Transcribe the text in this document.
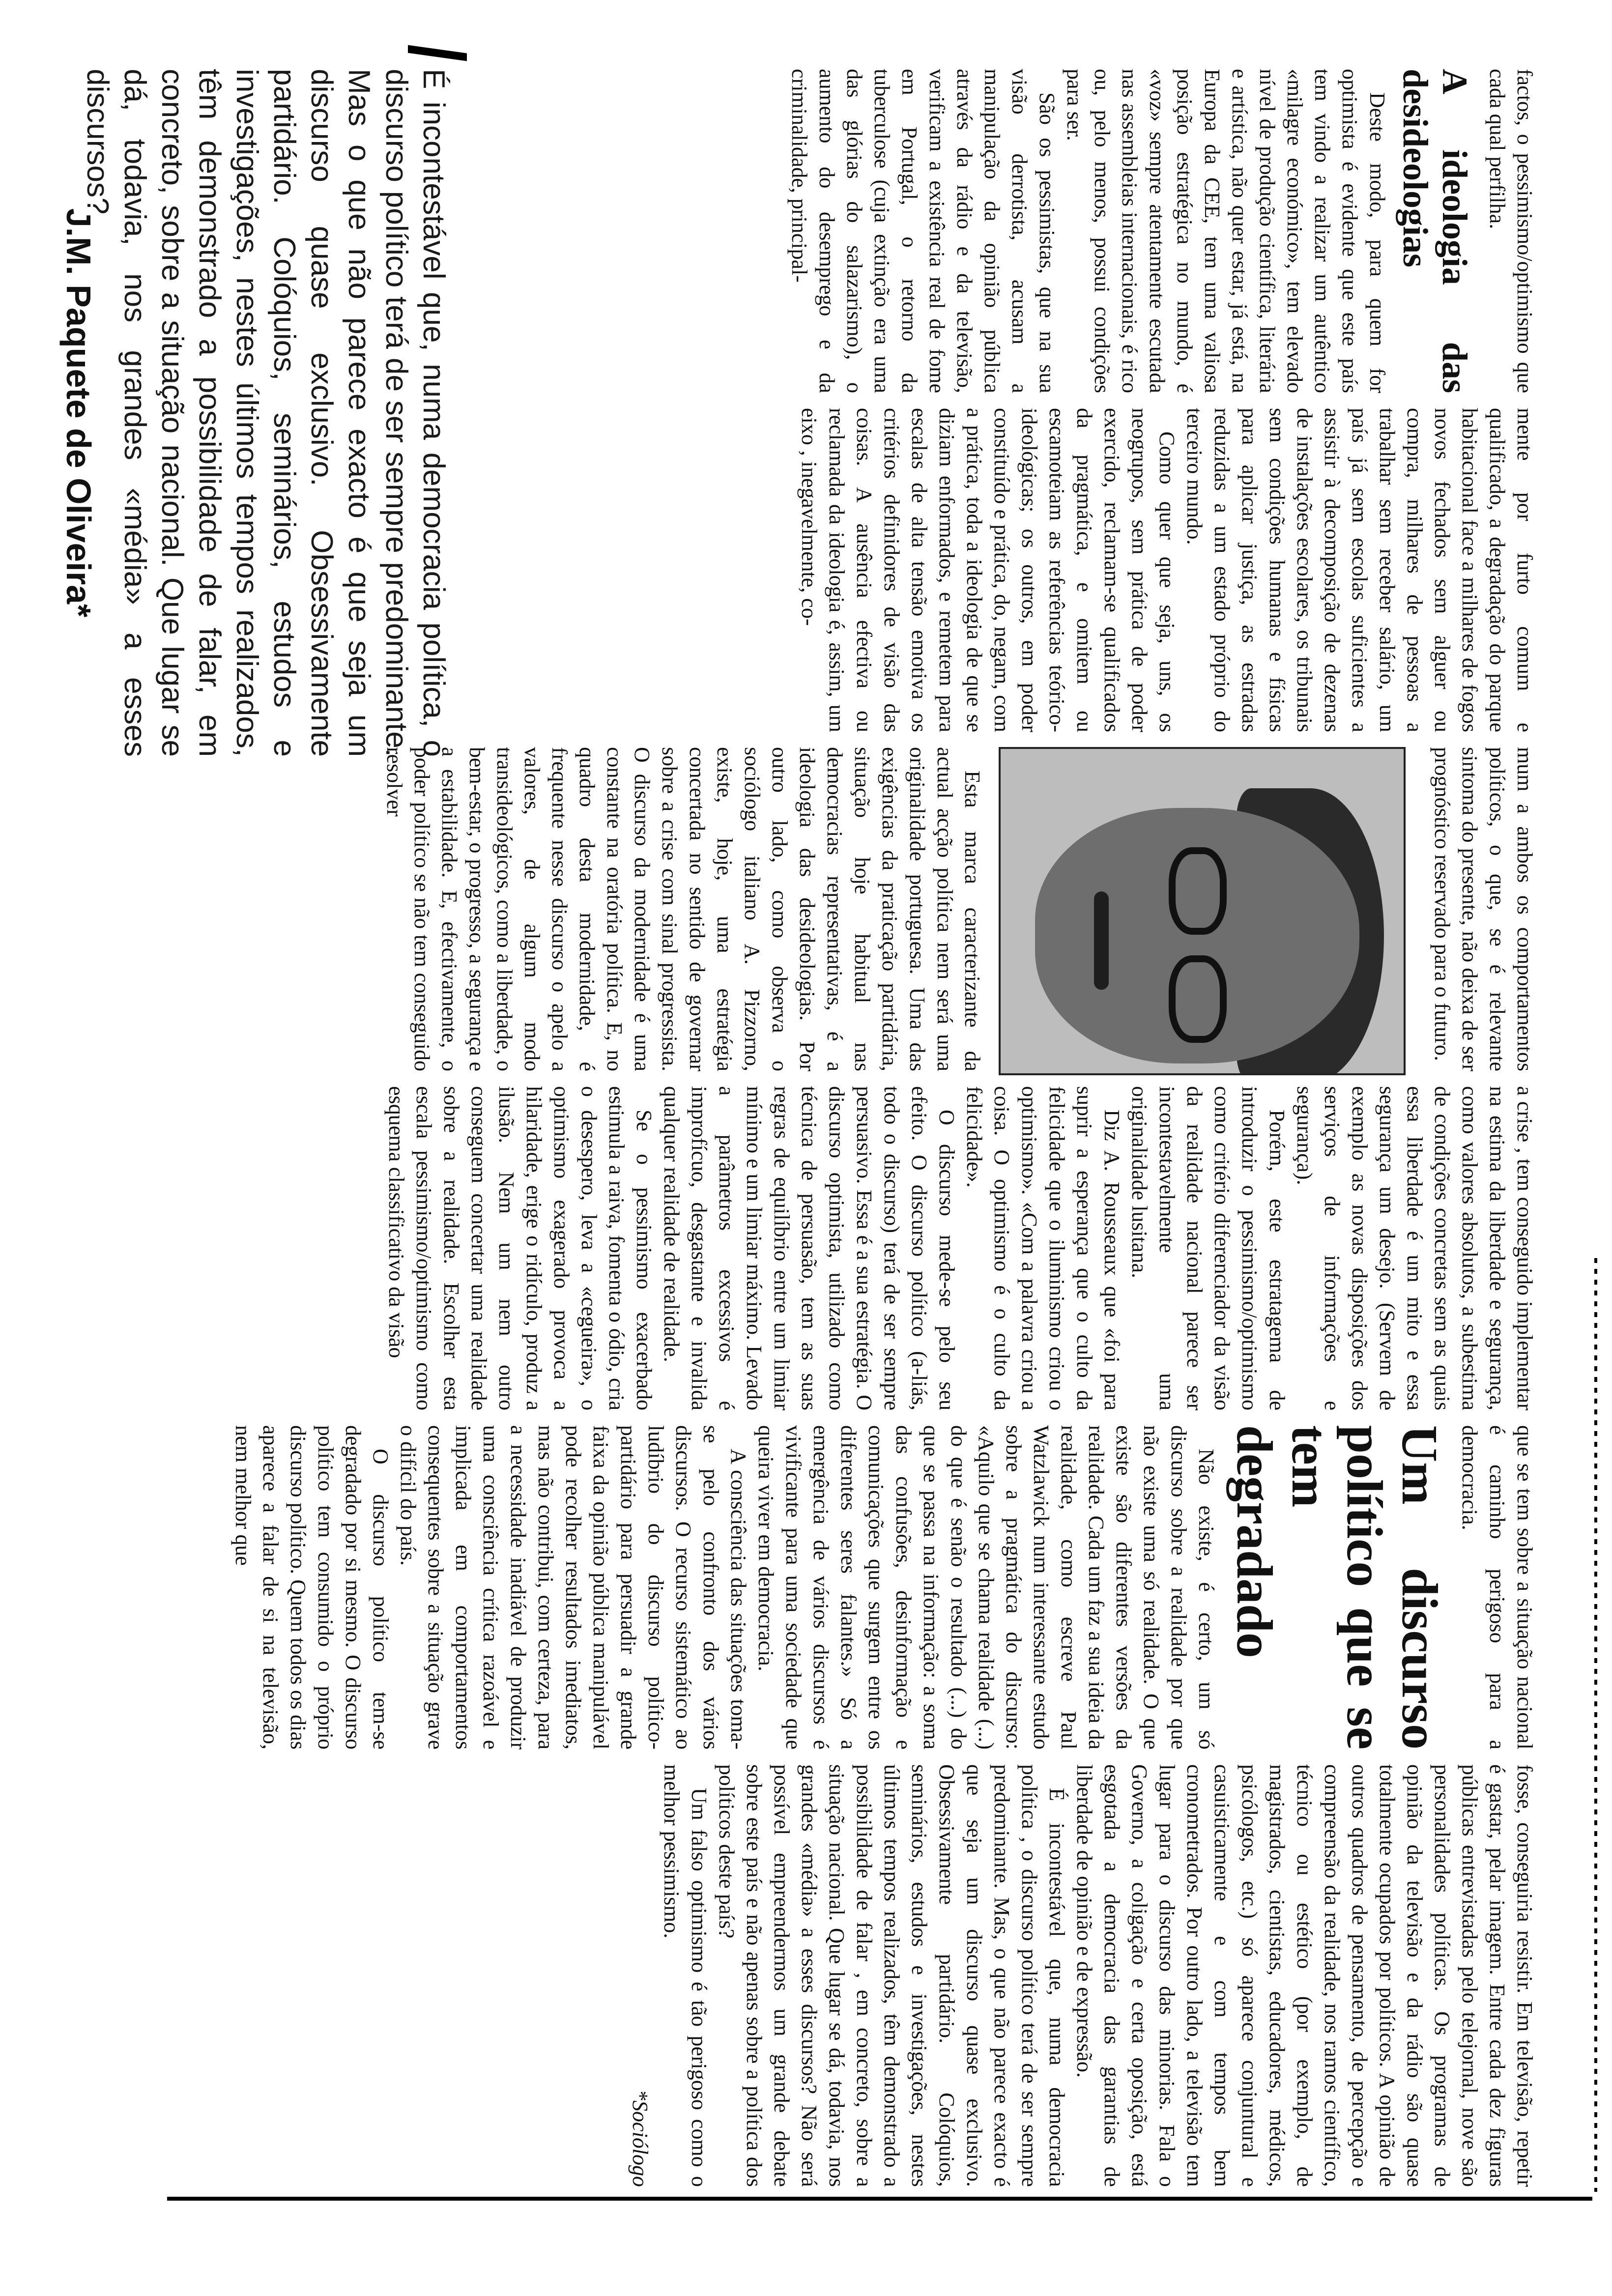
É incontestável que, numa democracia política, o discurso político terá de ser sempre predominante. Mas o que não parece exacto é que seja um discurso quase exclusivo. Obsessivamente partidário. Colóquios, seminários, estudos e investigações, nestes últimos tempos realizados, têm demonstrado a possibilidade de falar, em concreto, sobre a situação nacional. Que lugar se dá, todavia, nos grandes «média» a esses discursos?
J.M. Paquete de Oliveira*	factos, o pessimismo/optimismo que cada qual perfilha.

A ideologia das desideologias

Deste modo, para quem for optimista é evidente que este país tem vindo a realizar um autêntico «milagre económico», tem elevado nível de produção científica, literária e artística, não quer estar, já está, na Europa da CEE, tem uma valiosa posição estratégica no mundo, é «voz» sempre atentamente escutada nas assembleias internacionais, é rico ou, pelo menos, possui condições para ser.

São os pessimistas, que na sua visão derrotista, acusam a manipulação da opinião pública através da rádio e da televisão, verificam a existência real de fome em Portugal, o retorno da tuberculose (cuja extinção era uma das glórias do salazarismo), o aumento do desemprego e da criminalidade, principal-

mente por furto comum e qualificado, a degradação do parque habitacional face a milhares de fogos novos fechados sem alguer ou compra, milhares de pessoas a trabalhar sem receber salário, um país já sem escolas suficientes a assistir à decomposição de dezenas de instalações escolares, os tribunais sem condições humanas e físicas para aplicar justiça, as estradas reduzidas a um estado próprio do terceiro mundo.

Como quer que seja, uns, os neogrupos, sem prática de poder exercido, reclamam-se qualificados da pragmática, e omitem ou escamoteiam as referências teórico-ideológicas; os outros, em poder constituído e prática, do, negam, com a prática, toda a ideologia de que se diziam enformados, e remetem para escalas de alta tensão emotiva os critérios definidores de visão das coisas. A ausência efectiva ou reclamada da ideologia é, assim, um eixo , inegavelmente, co-

mum a ambos os comportamentos políticos, o que, se é relevante sintoma do presente, não deixa de ser prognóstico reservado para o futuro.

Esta marca caracterizante da actual acção política nem será uma originalidade portuguesa. Uma das exigências da praticação partidária, situação hoje habitual nas democracias representativas, é a ideologia das desideologias. Por outro lado, como observa o sociólogo italiano A. Pizzorno, existe, hoje, uma estratégia concertada no sentido de governar sobre a crise com sinal progressista. O discurso da modernidade é uma constante na oratória política. E, no quadro desta modernidade, é frequente nesse discurso o apelo a valores, de algum modo transideológicos, como a liberdade, o bem-estar, o progresso, a segurança e a estabilidade. E, efectivamente, o poder político se não tem conseguido resolver

a crise , tem conseguido implementar na estima da liberdade e segurança, como valores absolutos, a subestima de condições concretas sem as quais essa liberdade é um mito e essa segurança um desejo. (Servem de exemplo as novas disposições dos serviços de informações e segurança).

Porém, este estratagema de introduzir o pessimismo/optimismo como critério diferenciador da visão da realidade nacional parece ser incontestavelmente uma originalidade lusitana.

Diz A. Rousseaux que «foi para suprir a esperança que o culto da felicidade que o iluminismo criou o optimismo». «Com a palavra criou a coisa. O optimismo é o culto da felicidade».

O discurso mede-se pelo seu efeito. O discurso político (a-liás, todo o discurso) terá de ser sempre persuasivo. Essa é a sua estratégia. O discurso optimista, utilizado como técnica de persuasão, tem as suas regras de equilíbrio entre um limiar mínimo e um limiar máximo. Levado a parâmetros excessivos é improfícuo, desgastante e invalida qualquer realidade de realidade.

Se o pessimismo exacerbado estimula a raiva, fomenta o ódio, cria o desespero, leva a «cegueira», o optimismo exagerado provoca a hilaridade, erige o ridículo, produz a ilusão. Nem um nem outro conseguem concertar uma realidade sobre a realidade. Escolher esta escala pessimismo/optimismo como esquema classificativo da visão

que se tem sobre a situação nacional é caminho perigoso para a democracia.

Um discurso político que se tem degradado

Não existe, é certo, um só discurso sobre a realidade por que não existe uma só realidade. O que existe são diferentes versões da realidade. Cada um faz a sua ideia da realidade, como escreve Paul Watzlawick num interessante estudo sobre a pragmática do discurso: «Aquilo que se chama realidade (...) do que é senão o resultado (...) do que se passa na informação: a soma das confusões, desinformação e comunicações que surgem entre os diferentes seres falantes.» Só a emergência de vários discursos é vivificante para uma sociedade que queira viver em democracia.

A consciência das situações toma-se pelo confronto dos vários discursos. O recurso sistemático ao ludíbrio do discurso político-partidário para persuadir a grande faixa da opinião pública manipulável pode recolher resultados imediatos, mas não contribui, com certeza, para a necessidade inadiável de produzir uma consciência crítica razoável e implicada em comportamentos consequentes sobre a situação grave o difícil do país.

O discurso político tem-se degradado por si mesmo. O discurso político tem consumido o próprio discurso político. Quem todos os dias aparece a falar de si na televisão, nem melhor que

fosse, conseguiria resistir. Em televisão, repetir é gastar, pelar imagem. Entre cada dez figuras públicas entrevistadas pelo telejornal, nove são personalidades políticas. Os programas de opinião da televisão e da rádio são quase totalmente ocupados por políticos. A opinião de outros quadros de pensamento, de percepção e compreensão da realidade, nos ramos científico, técnico ou estético (por exemplo, de magistrados, cientistas, educadores, médicos, psicólogos, etc.) só aparece conjuntural e casuisticamente e com tempos bem cronometrados. Por outro lado, a televisão tem lugar para o discurso das minorias. Fala o Governo, a coligação e certa oposição, está esgotada a democracia das garantias de liberdade de opinião e de expressão.

É incontestável que, numa democracia política , o discurso político terá de ser sempre predominante. Mas, o que não parece exacto é que seja um discurso quase exclusivo. Obsessivamente partidário. Colóquios, seminários, estudos e investigações, nestes últimos tempos realizados, têm demonstrado a possibilidade de falar , em concreto, sobre a situação nacional. Que lugar se dá, todavia, nos grandes «média» a esses discursos? Não será possível empreendermos um grande debate sobre este país e não apenas sobre a política dos políticos deste país?

Um falso optimismo é tão perigoso como o melhor pessimismo.

*Sociólogo
